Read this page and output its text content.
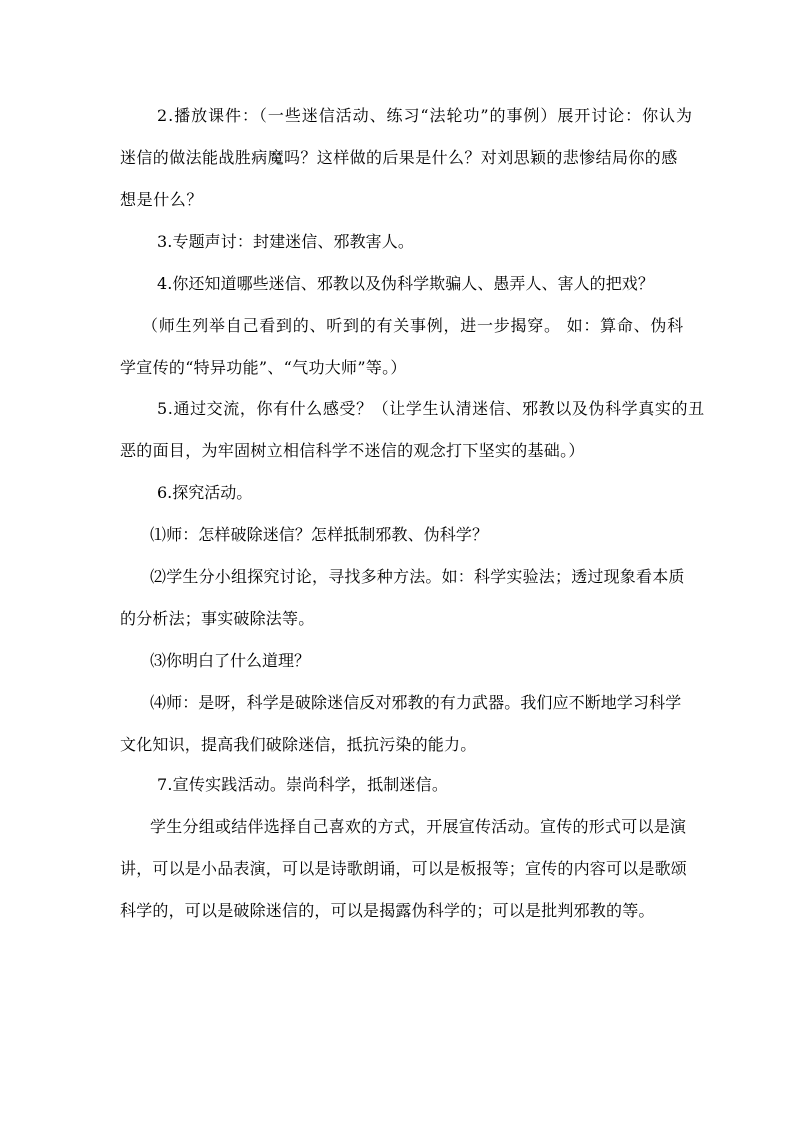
2.播放课件：（一些迷信活动、练习“法轮功”的事例）展开讨论：你认为
迷信的做法能战胜病魔吗？这样做的后果是什么？对刘思颖的悲惨结局你的感
想是什么？
3.专题声讨：封建迷信、邪教害人。
4.你还知道哪些迷信、邪教以及伪科学欺骗人、愚弄人、害人的把戏？
（师生列举自己看到的、听到的有关事例，进一步揭穿。 如：算命、伪科
学宣传的“特异功能”、“气功大师”等。）
5.通过交流，你有什么感受？（让学生认清迷信、邪教以及伪科学真实的丑
恶的面目，为牢固树立相信科学不迷信的观念打下坚实的基础。）
6.探究活动。
⑴师：怎样破除迷信？怎样抵制邪教、伪科学？
⑵学生分小组探究讨论，寻找多种方法。如：科学实验法；透过现象看本质
的分析法；事实破除法等。
⑶你明白了什么道理？
⑷师：是呀，科学是破除迷信反对邪教的有力武器。我们应不断地学习科学
文化知识，提高我们破除迷信，抵抗污染的能力。
7.宣传实践活动。崇尚科学，抵制迷信。
学生分组或结伴选择自己喜欢的方式，开展宣传活动。宣传的形式可以是演
讲，可以是小品表演，可以是诗歌朗诵，可以是板报等；宣传的内容可以是歌颂
科学的，可以是破除迷信的，可以是揭露伪科学的；可以是批判邪教的等。
